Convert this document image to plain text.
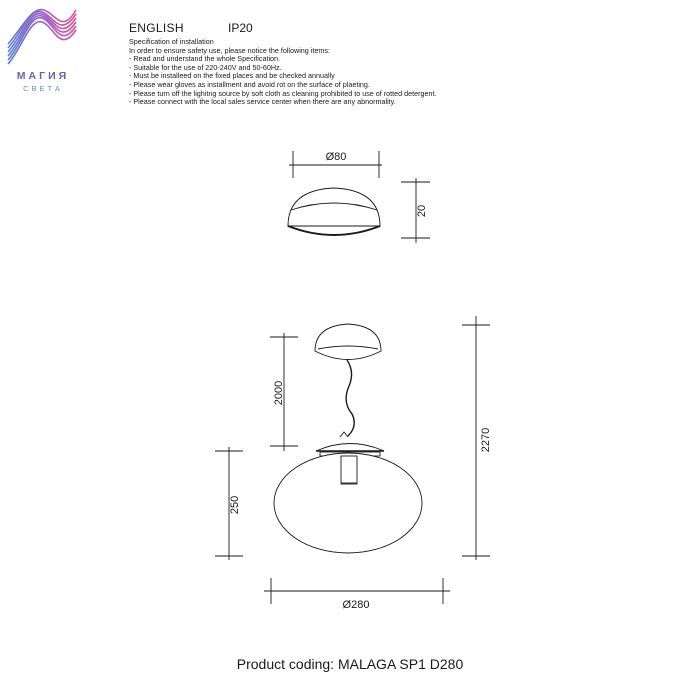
МАГИЯ
СВЕТА
ENGLISH	IP20
Specification of installation
In order to ensure safety use, please notice the following items:
- Read and understand the whole Specification.
- Suitable for the use of 220-240V and 50-60Hz.
- Must be installeed on the fixed places and be checked annually
- Please wear gloves as installment and avoid rot on the surface of plaeting.
- Please turn off the lighitng source by soft cloth as cleaning prohibited to use of rotted detergent.
- Please connect with the local sales service center when there are any abnormality.
Ø80
20
2000
2270
250
Ø280
Product coding: MALAGA SP1 D280
